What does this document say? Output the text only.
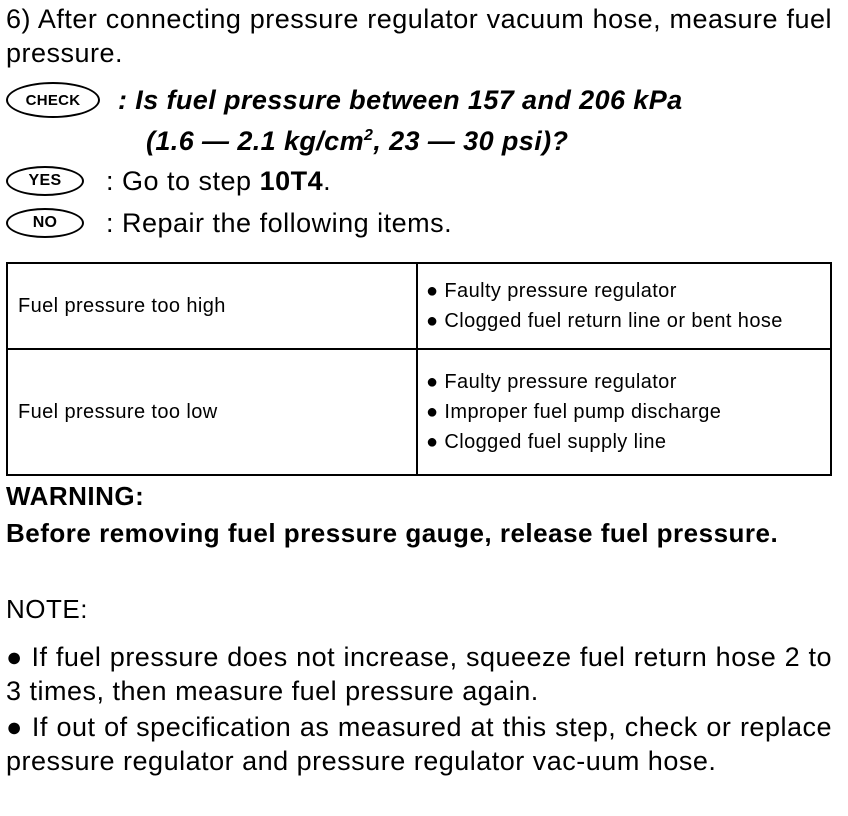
6) After connecting pressure regulator vacuum hose, measure fuel pressure.
CHECK	: Is fuel pressure between 157 and 206 kPa
(1.6 — 2.1 $kg/cm^2$, 23 — 30 psi)?
YES	: Go to step 10T4.
NO	: Repair the following items.
Fuel pressure too high	● Faulty pressure regulator
● Clogged fuel return line or bent hose

Fuel pressure too low	● Faulty pressure regulator
● Improper fuel pump discharge
● Clogged fuel supply line
WARNING:
Before removing fuel pressure gauge, release fuel pressure.
NOTE:

● If fuel pressure does not increase, squeeze fuel return hose 2 to 3 times, then measure fuel pressure again.

● If out of specification as measured at this step, check or replace pressure regulator and pressure regulator vac-uum hose.
